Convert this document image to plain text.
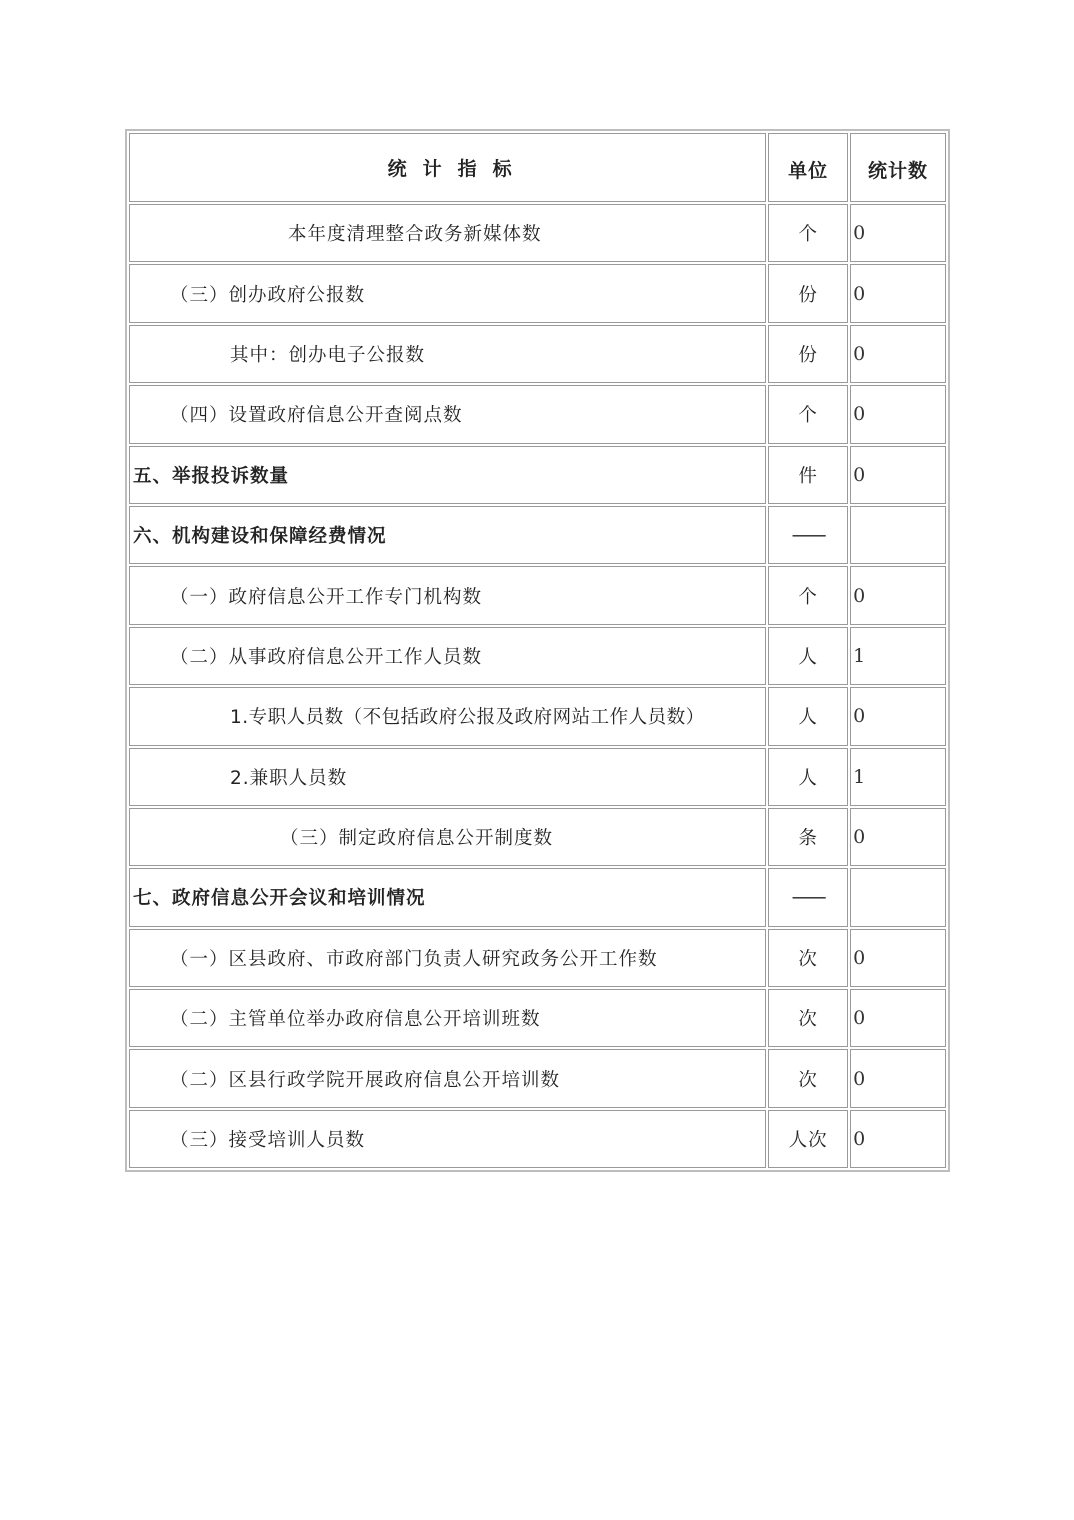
统计指标	单位	统计数
本年度清理整合政务新媒体数	个	0
（三）创办政府公报数	份	0
其中：创办电子公报数	份	0
（四）设置政府信息公开查阅点数	个	0
五、举报投诉数量	件	0
六、机构建设和保障经费情况	——
（一）政府信息公开工作专门机构数	个	0
（二）从事政府信息公开工作人员数	人	1
1.专职人员数（不包括政府公报及政府网站工作人员数）	人	0
2.兼职人员数	人	1
（三）制定政府信息公开制度数	条	0
七、政府信息公开会议和培训情况	——
（一）区县政府、市政府部门负责人研究政务公开工作数	次	0
（二）主管单位举办政府信息公开培训班数	次	0
（二）区县行政学院开展政府信息公开培训数	次	0
（三）接受培训人员数	人次	0
